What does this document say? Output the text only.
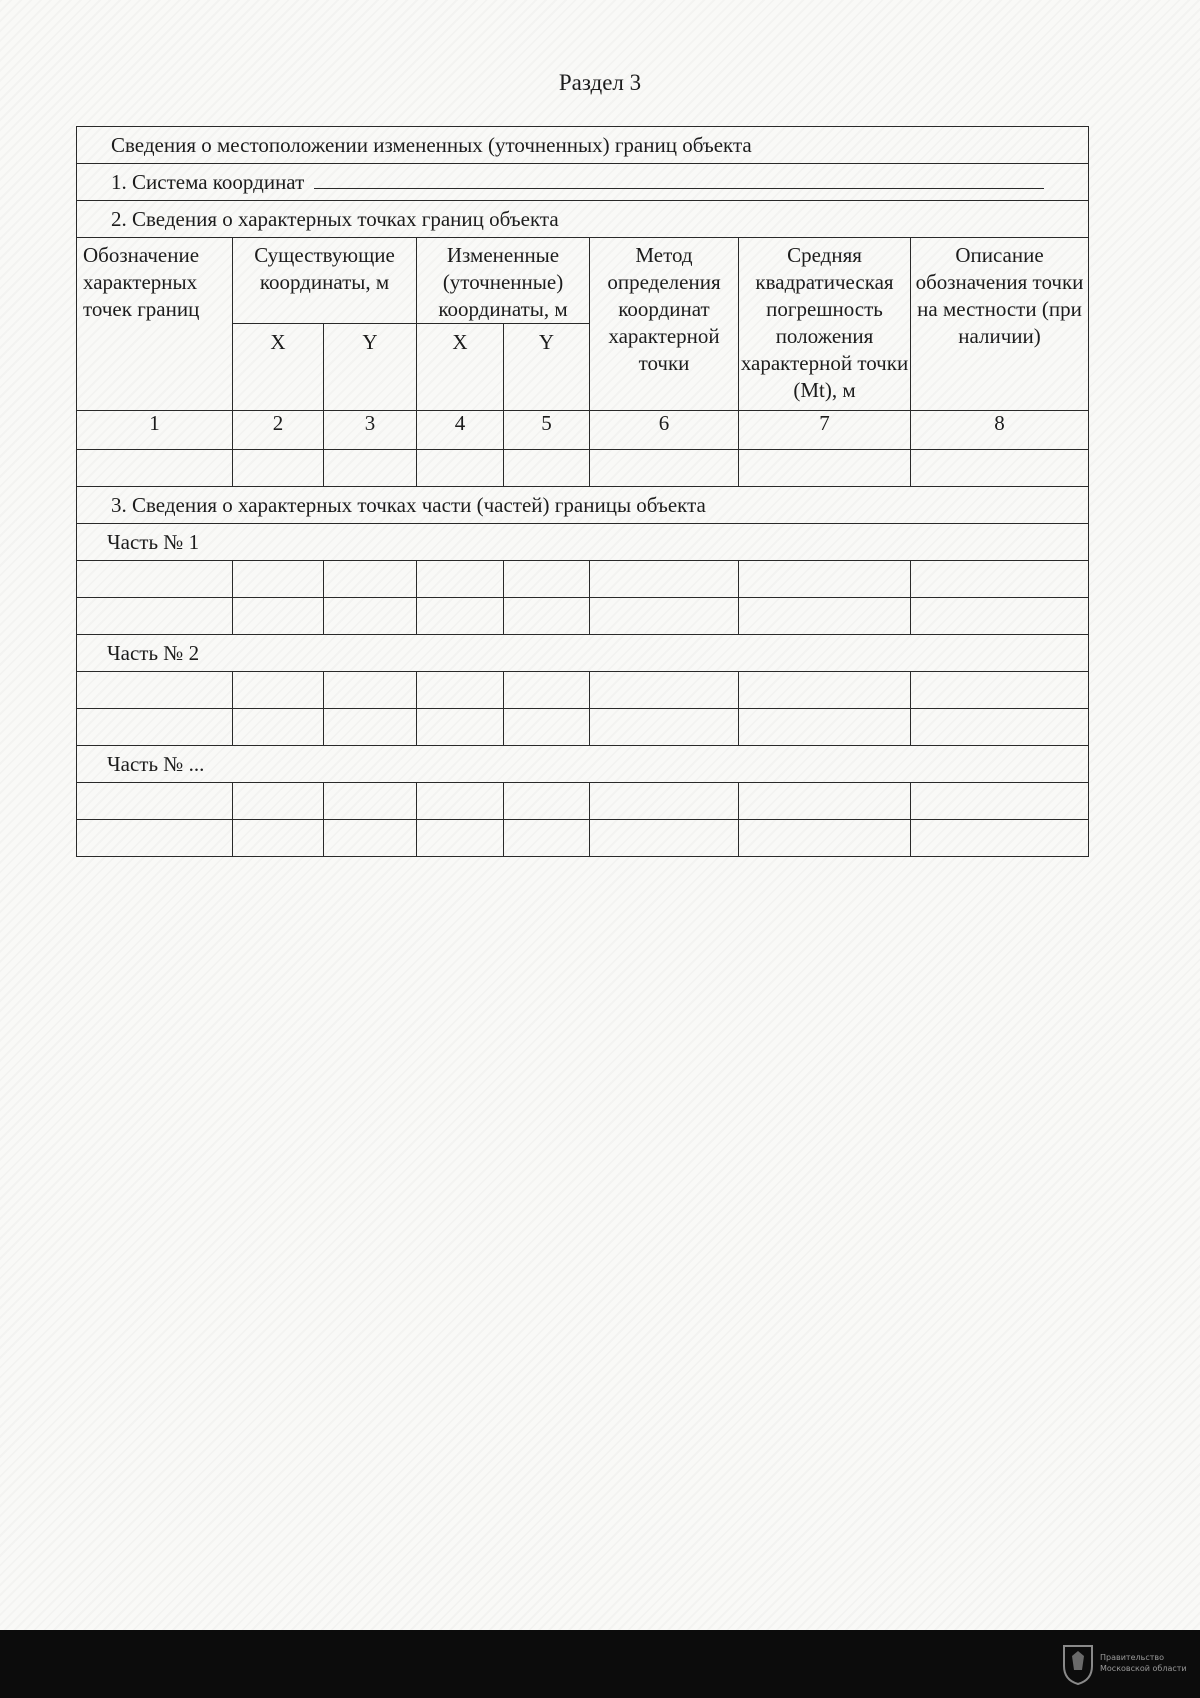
Раздел 3
Сведения о местоположении измененных (уточненных) границ объекта							
1. Система координат							
2. Сведения о характерных точках границ объекта							
Обозначение характерных точек границ	Существующие координаты, м		Измененные (уточненные) координаты, м		Метод определения координат характерной точки	Средняя квадратическая погрешность положения характерной точки (Mt), м	Описание обозначения точки на местности (при наличии)
	X	Y	X	Y			
1	2	3	4	5	6	7	8

3. Сведения о характерных точках части (частей) границы объекта							
Часть № 1							

Часть № 2							

Часть № ...							

Правительство
Московской области
